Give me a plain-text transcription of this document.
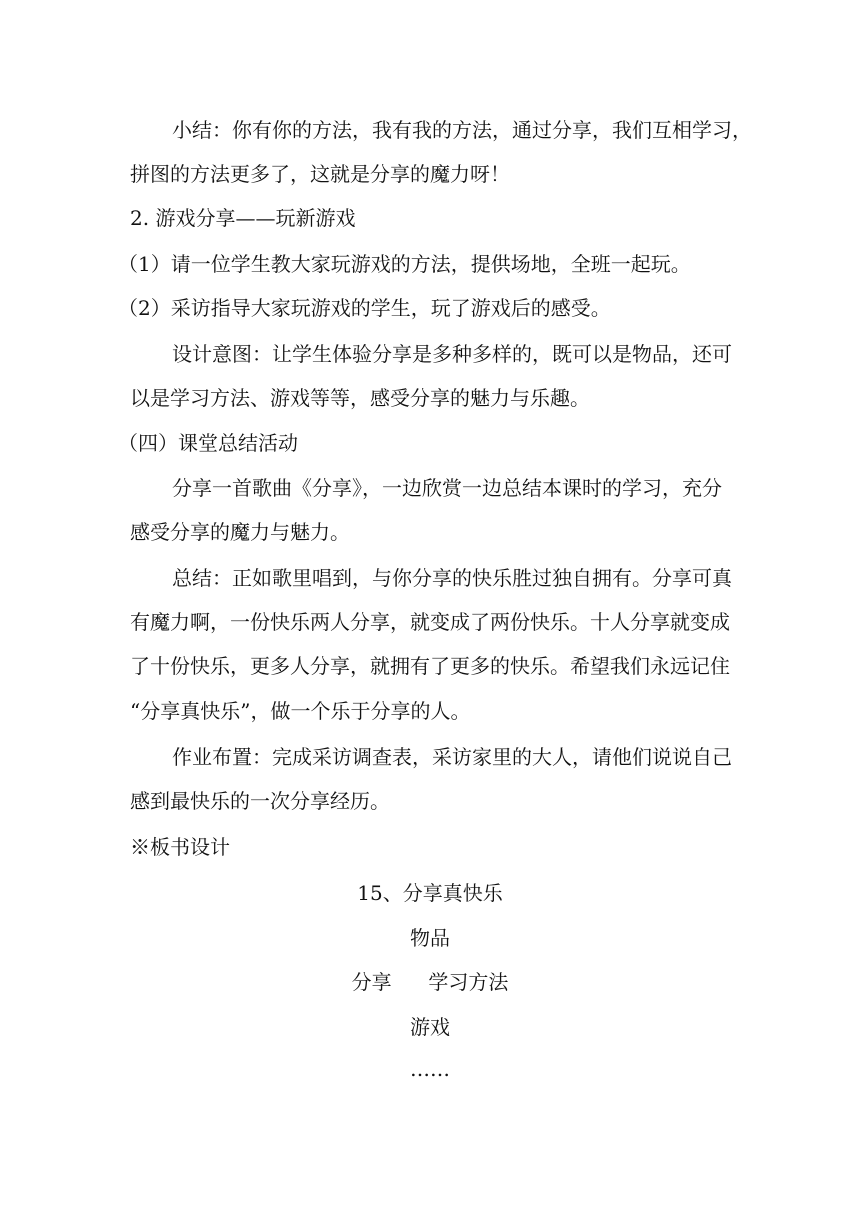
小结：你有你的方法，我有我的方法，通过分享，我们互相学习，
拼图的方法更多了，这就是分享的魔力呀！
2. 游戏分享——玩新游戏
（1）请一位学生教大家玩游戏的方法，提供场地，全班一起玩。
（2）采访指导大家玩游戏的学生，玩了游戏后的感受。
设计意图：让学生体验分享是多种多样的，既可以是物品，还可
以是学习方法、游戏等等，感受分享的魅力与乐趣。
（四）课堂总结活动
分享一首歌曲《分享》，一边欣赏一边总结本课时的学习，充分
感受分享的魔力与魅力。
总结：正如歌里唱到，与你分享的快乐胜过独自拥有。分享可真
有魔力啊，一份快乐两人分享，就变成了两份快乐。十人分享就变成
了十份快乐，更多人分享，就拥有了更多的快乐。希望我们永远记住
“分享真快乐”，做一个乐于分享的人。
作业布置：完成采访调查表，采访家里的大人，请他们说说自己
感到最快乐的一次分享经历。
※板书设计
15、分享真快乐
物品
分享 学习方法
游戏
……
